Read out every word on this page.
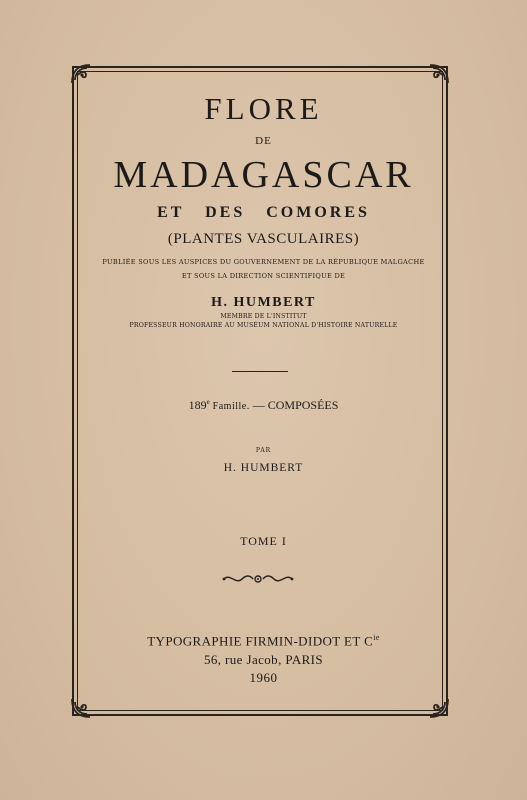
FLORE
DE
MADAGASCAR
ET DES COMORES
(PLANTES VASCULAIRES)
PUBLIÉE SOUS LES AUSPICES DU GOUVERNEMENT DE LA RÉPUBLIQUE MALGACHE
ET SOUS LA DIRECTION SCIENTIFIQUE DE
H. HUMBERT
MEMBRE DE L'INSTITUT
PROFESSEUR HONORAIRE AU MUSÉUM NATIONAL D'HISTOIRE NATURELLE
189e Famille. — COMPOSÉES
PAR
H. HUMBERT
TOME I
TYPOGRAPHIE FIRMIN-DIDOT ET $C^{ie}$
56, rue Jacob, PARIS
1960
